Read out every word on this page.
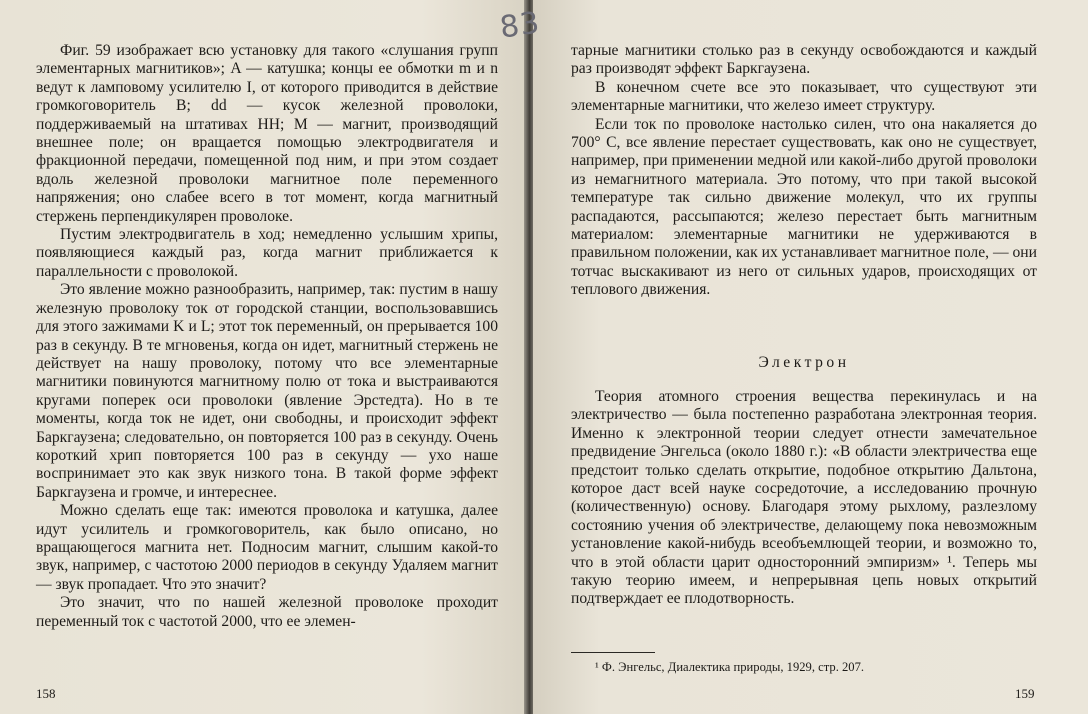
Фиг. 59 изображает всю установку для такого «слушания групп элементарных магнитиков»; A — катушка; концы ее обмотки m и n ведут к ламповому усилителю I, от которого приводится в действие громкоговоритель B; dd — кусок железной проволоки, поддерживаемый на штативах HH; M — магнит, производящий внешнее поле; он вращается помощью электродвигателя и фракционной передачи, помещенной под ним, и при этом создает вдоль железной проволоки магнитное поле переменного напряжения; оно слабее всего в тот момент, когда магнитный стержень перпендикулярен проволоке.

Пустим электродвигатель в ход; немедленно услышим хрипы, появляющиеся каждый раз, когда магнит приближается к параллельности с проволокой.

Это явление можно разнообразить, например, так: пустим в нашу железную проволоку ток от городской станции, воспользовавшись для этого зажимами K и L; этот ток переменный, он прерывается 100 раз в секунду. В те мгновенья, когда он идет, магнитный стержень не действует на нашу проволоку, потому что все элементарные магнитики повинуются магнитному полю от тока и выстраиваются кругами поперек оси проволоки (явление Эрстедта). Но в те моменты, когда ток не идет, они свободны, и происходит эффект Баркгаузена; следовательно, он повторяется 100 раз в секунду. Очень короткий хрип повторяется 100 раз в секунду — ухо наше воспринимает это как звук низкого тона. В такой форме эффект Баркгаузена и громче, и интереснее.

Можно сделать еще так: имеются проволока и катушка, далее идут усилитель и громкоговоритель, как было описано, но вращающегося магнита нет. Подносим магнит, слышим какой-то звук, например, с частотою 2000 периодов в секунду Удаляем магнит — звук пропадает. Что это значит?

Это значит, что по нашей железной проволоке проходит переменный ток с частотой 2000, что ее элемен-

158

тарные магнитики столько раз в секунду освобождаются и каждый раз производят эффект Баркгаузена.

В конечном счете все это показывает, что существуют эти элементарные магнитики, что железо имеет структуру.

Если ток по проволоке настолько силен, что она накаляется до 700° С, все явление перестает существовать, как оно не существует, например, при применении медной или какой-либо другой проволоки из немагнитного материала. Это потому, что при такой высокой температуре так сильно движение молекул, что их группы распадаются, рассыпаются; железо перестает быть магнитным материалом: элементарные магнитики не удерживаются в правильном положении, как их устанавливает магнитное поле, — они тотчас выскакивают из него от сильных ударов, происходящих от теплового движения.

Электрон

Теория атомного строения вещества перекинулась и на электричество — была постепенно разработана электронная теория. Именно к электронной теории следует отнести замечательное предвидение Энгельса (около 1880 г.): «В области электричества еще предстоит только сделать открытие, подобное открытию Дальтона, которое даст всей науке сосредоточие, а исследованию прочную (количественную) основу. Благодаря этому рыхлому, разлезлому состоянию учения об электричестве, делающему пока невозможным установление какой-нибудь всеобъемлющей теории, и возможно то, что в этой области царит односторонний эмпиризм» ¹. Теперь мы такую теорию имеем, и непрерывная цепь новых открытий подтверждает ее плодотворность.

¹ Ф. Энгельс, Диалектика природы, 1929, стр. 207.
159
83
